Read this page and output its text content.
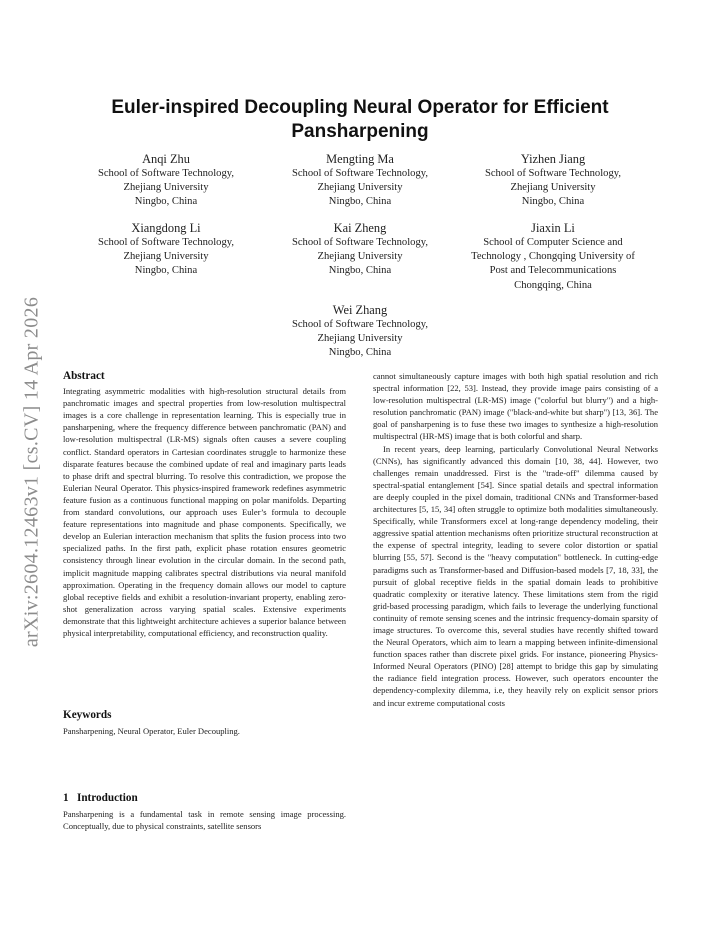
arXiv:2604.12463v1 [cs.CV] 14 Apr 2026
Euler-inspired Decoupling Neural Operator for Efficient Pansharpening
Anqi Zhu
School of Software Technology,
Zhejiang University
Ningbo, China
Mengting Ma
School of Software Technology,
Zhejiang University
Ningbo, China
Yizhen Jiang
School of Software Technology,
Zhejiang University
Ningbo, China
Xiangdong Li
School of Software Technology,
Zhejiang University
Ningbo, China
Kai Zheng
School of Software Technology,
Zhejiang University
Ningbo, China
Jiaxin Li
School of Computer Science and
Technology , Chongqing University of
Post and Telecommunications
Chongqing, China
Wei Zhang
School of Software Technology,
Zhejiang University
Ningbo, China
Abstract

Integrating asymmetric modalities with high-resolution structural details from panchromatic images and spectral properties from low-resolution multispectral images is a core challenge in representation learning. This is especially true in pansharpening, where the frequency difference between panchromatic (PAN) and low-resolution multispectral (LR-MS) signals often causes a severe coupling conflict. Standard operators in Cartesian coordinates struggle to harmonize these disparate features because the combined update of real and imaginary parts leads to phase drift and spectral blurring. To resolve this contradiction, we propose the Eulerian Neural Operator. This physics-inspired framework redefines asymmetric feature fusion as a continuous functional mapping on polar manifolds. Departing from standard convolutions, our approach uses Euler’s formula to decouple feature representations into magnitude and phase components. Specifically, we develop an Eulerian interaction mechanism that splits the fusion process into two specialized paths. In the first path, explicit phase rotation ensures geometric consistency through linear evolution in the circular domain. In the second path, implicit magnitude mapping calibrates spectral distributions via neural manifold approximation. Operating in the frequency domain allows our model to capture global receptive fields and exhibit a resolution-invariant property, enabling zero-shot generalization across varying spatial scales. Extensive experiments demonstrate that this lightweight architecture achieves a superior balance between physical interpretability, computational efficiency, and reconstruction quality.

Keywords

Pansharpening, Neural Operator, Euler Decoupling.

1   Introduction

Pansharpening is a fundamental task in remote sensing image processing. Conceptually, due to physical constraints, satellite sensors

cannot simultaneously capture images with both high spatial resolution and rich spectral information [22, 53]. Instead, they provide image pairs consisting of a low-resolution multispectral (LR-MS) image ("colorful but blurry") and a high-resolution panchromatic (PAN) image ("black-and-white but sharp") [13, 36]. The goal of pansharpening is to fuse these two images to synthesize a high-resolution multispectral (HR-MS) image that is both colorful and sharp.

In recent years, deep learning, particularly Convolutional Neural Networks (CNNs), has significantly advanced this domain [10, 38, 44]. However, two challenges remain unaddressed. First is the "trade-off" dilemma caused by spectral-spatial entanglement [54]. Since spatial details and spectral information are deeply coupled in the pixel domain, traditional CNNs and Transformer-based architectures [5, 15, 34] often struggle to optimize both modalities simultaneously. Specifically, while Transformers excel at long-range dependency modeling, their aggressive spatial attention mechanisms often prioritize structural reconstruction at the expense of spectral integrity, leading to severe color distortion or spatial blurring [55, 57]. Second is the "heavy computation" bottleneck. In cutting-edge paradigms such as Transformer-based and Diffusion-based models [7, 18, 33], the pursuit of global receptive fields in the spatial domain leads to prohibitive quadratic complexity or iterative latency. These limitations stem from the rigid grid-based processing paradigm, which fails to leverage the underlying functional continuity of remote sensing scenes and the intrinsic frequency-domain sparsity of image structures. To overcome this, several studies have recently shifted toward the Neural Operators, which aim to learn a mapping between infinite-dimensional function spaces rather than discrete pixel grids. For instance, pioneering Physics-Informed Neural Operators (PINO) [28] attempt to bridge this gap by simulating the radiance field integration process. However, such operators encounter the dependency-complexity dilemma, i.e, they heavily rely on explicit sensor priors and incur extreme computational costs
